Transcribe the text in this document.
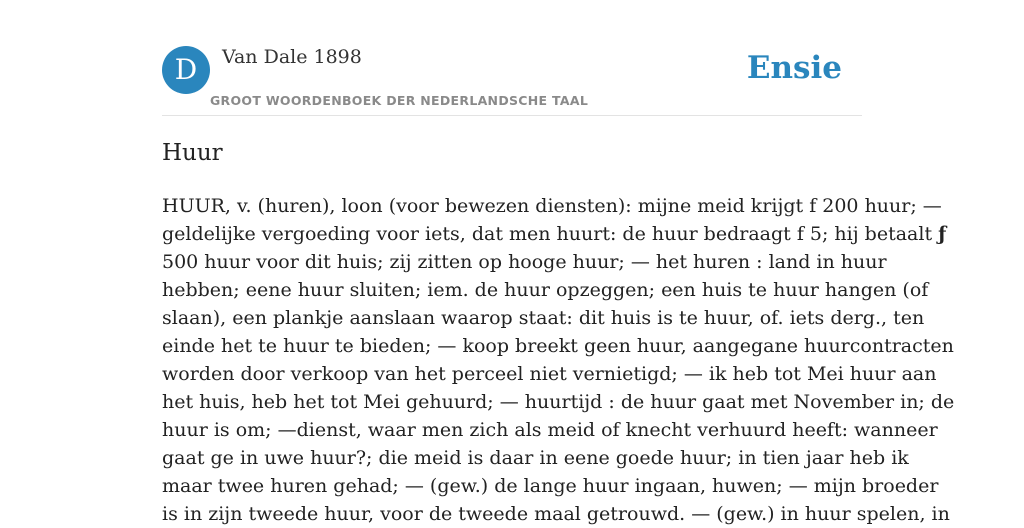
D	Van Dale 1898
GROOT WOORDENBOEK DER NEDERLANDSCHE TAAL
Ensie
Huur
HUUR, v. (huren), loon (voor bewezen diensten): mijne meid krijgt f 200 huur; —
geldelijke vergoeding voor iets, dat men huurt: de huur bedraagt f 5; hij betaalt ƒ
500 huur voor dit huis; zij zitten op hooge huur; — het huren : land in huur
hebben; eene huur sluiten; iem. de huur opzeggen; een huis te huur hangen (of
slaan), een plankje aanslaan waarop staat: dit huis is te huur, of. iets derg., ten
einde het te huur te bieden; — koop breekt geen huur, aangegane huurcontracten
worden door verkoop van het perceel niet vernietigd; — ik heb tot Mei huur aan
het huis, heb het tot Mei gehuurd; — huurtijd : de huur gaat met November in; de
huur is om; —dienst, waar men zich als meid of knecht verhuurd heeft: wanneer
gaat ge in uwe huur?; die meid is daar in eene goede huur; in tien jaar heb ik
maar twee huren gehad; — (gew.) de lange huur ingaan, huwen; — mijn broeder
is in zijn tweede huur, voor de tweede maal getrouwd. — (gew.) in huur spelen, in
